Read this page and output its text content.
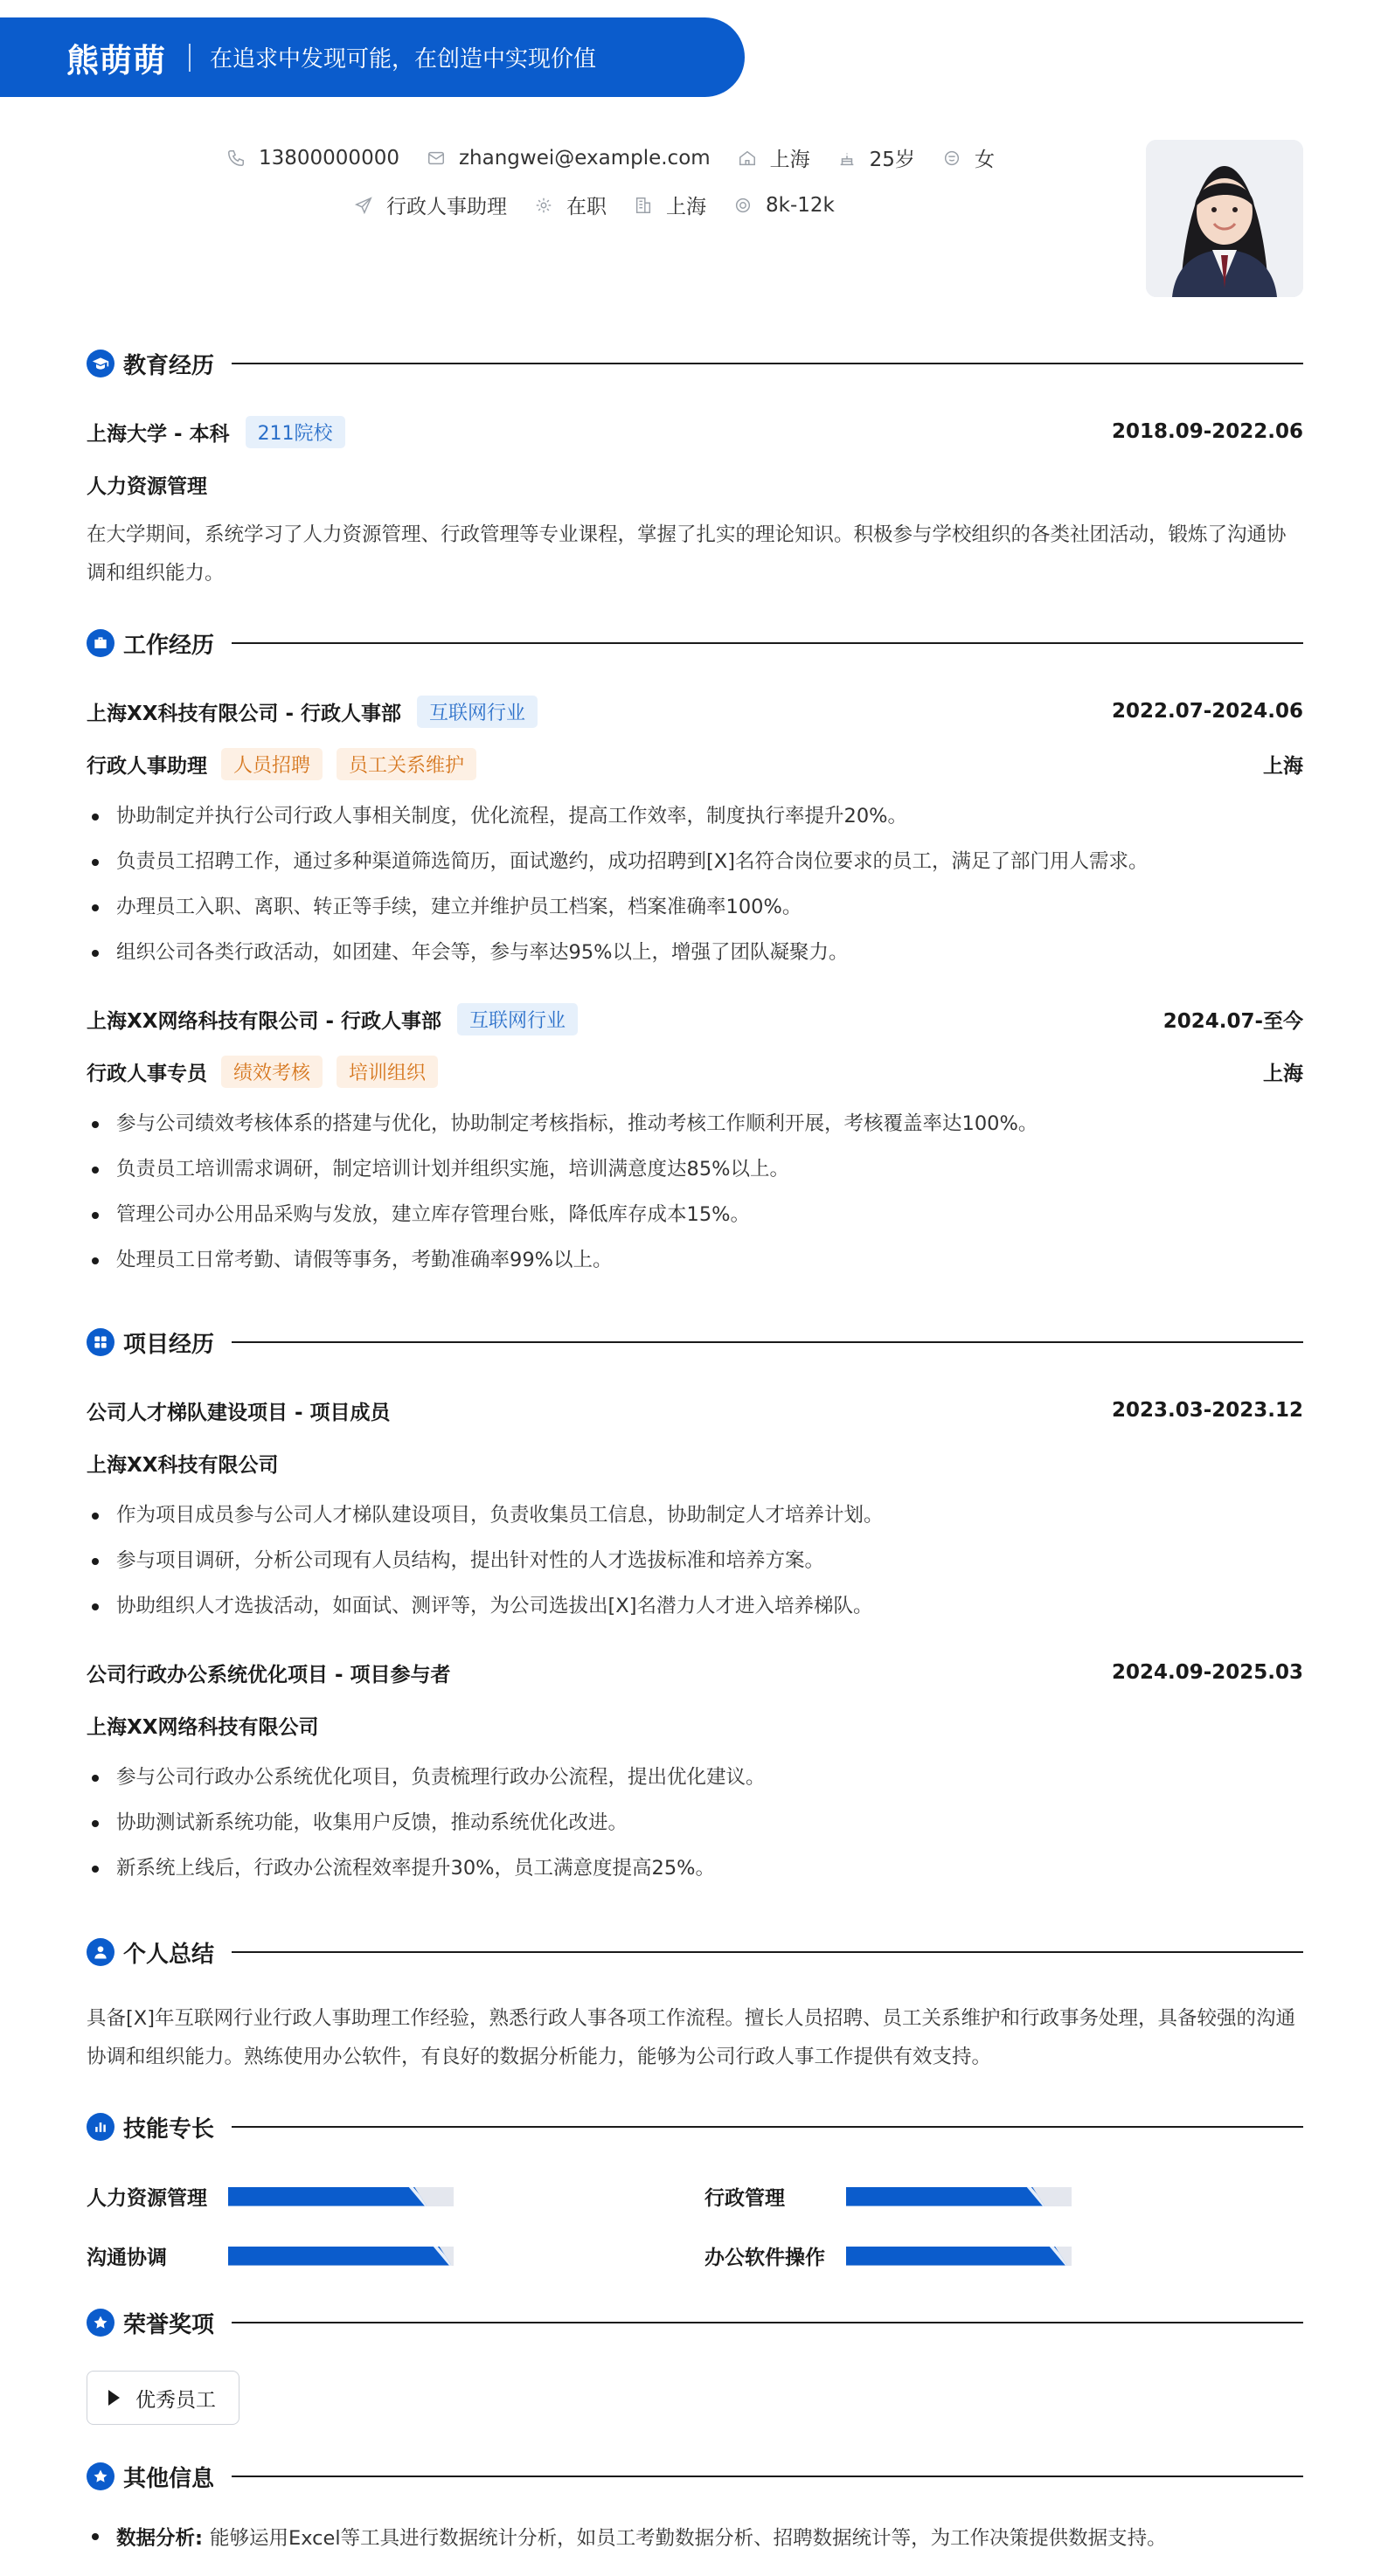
熊萌萌 在追求中发现可能，在创造中实现价值
13800000000	zhangwei@example.com	上海	25岁	女
行政人事助理	在职	上海	8k-12k
教育经历
上海大学 - 本科	211院校	2018.09-2022.06
人力资源管理
在大学期间，系统学习了人力资源管理、行政管理等专业课程，掌握了扎实的理论知识。积极参与学校组织的各类社团活动，锻炼了沟通协调和组织能力。
工作经历
上海XX科技有限公司 - 行政人事部	互联网行业	2022.07-2024.06
行政人事助理	人员招聘	员工关系维护	上海
协助制定并执行公司行政人事相关制度，优化流程，提高工作效率，制度执行率提升20%。
负责员工招聘工作，通过多种渠道筛选简历，面试邀约，成功招聘到[X]名符合岗位要求的员工，满足了部门用人需求。
办理员工入职、离职、转正等手续，建立并维护员工档案，档案准确率100%。
组织公司各类行政活动，如团建、年会等，参与率达95%以上，增强了团队凝聚力。
上海XX网络科技有限公司 - 行政人事部	互联网行业	2024.07-至今
行政人事专员	绩效考核	培训组织	上海
参与公司绩效考核体系的搭建与优化，协助制定考核指标，推动考核工作顺利开展，考核覆盖率达100%。
负责员工培训需求调研，制定培训计划并组织实施，培训满意度达85%以上。
管理公司办公用品采购与发放，建立库存管理台账，降低库存成本15%。
处理员工日常考勤、请假等事务，考勤准确率99%以上。
项目经历
公司人才梯队建设项目 - 项目成员	2023.03-2023.12
上海XX科技有限公司
作为项目成员参与公司人才梯队建设项目，负责收集员工信息，协助制定人才培养计划。
参与项目调研，分析公司现有人员结构，提出针对性的人才选拔标准和培养方案。
协助组织人才选拔活动，如面试、测评等，为公司选拔出[X]名潜力人才进入培养梯队。
公司行政办公系统优化项目 - 项目参与者	2024.09-2025.03
上海XX网络科技有限公司
参与公司行政办公系统优化项目，负责梳理行政办公流程，提出优化建议。
协助测试新系统功能，收集用户反馈，推动系统优化改进。
新系统上线后，行政办公流程效率提升30%，员工满意度提高25%。
个人总结
具备[X]年互联网行业行政人事助理工作经验，熟悉行政人事各项工作流程。擅长人员招聘、员工关系维护和行政事务处理，具备较强的沟通协调和组织能力。熟练使用办公软件，有良好的数据分析能力，能够为公司行政人事工作提供有效支持。
技能专长
人力资源管理	行政管理
沟通协调	办公软件操作
荣誉奖项
优秀员工
其他信息
数据分析: 能够运用Excel等工具进行数据统计分析，如员工考勤数据分析、招聘数据统计等，为工作决策提供数据支持。
